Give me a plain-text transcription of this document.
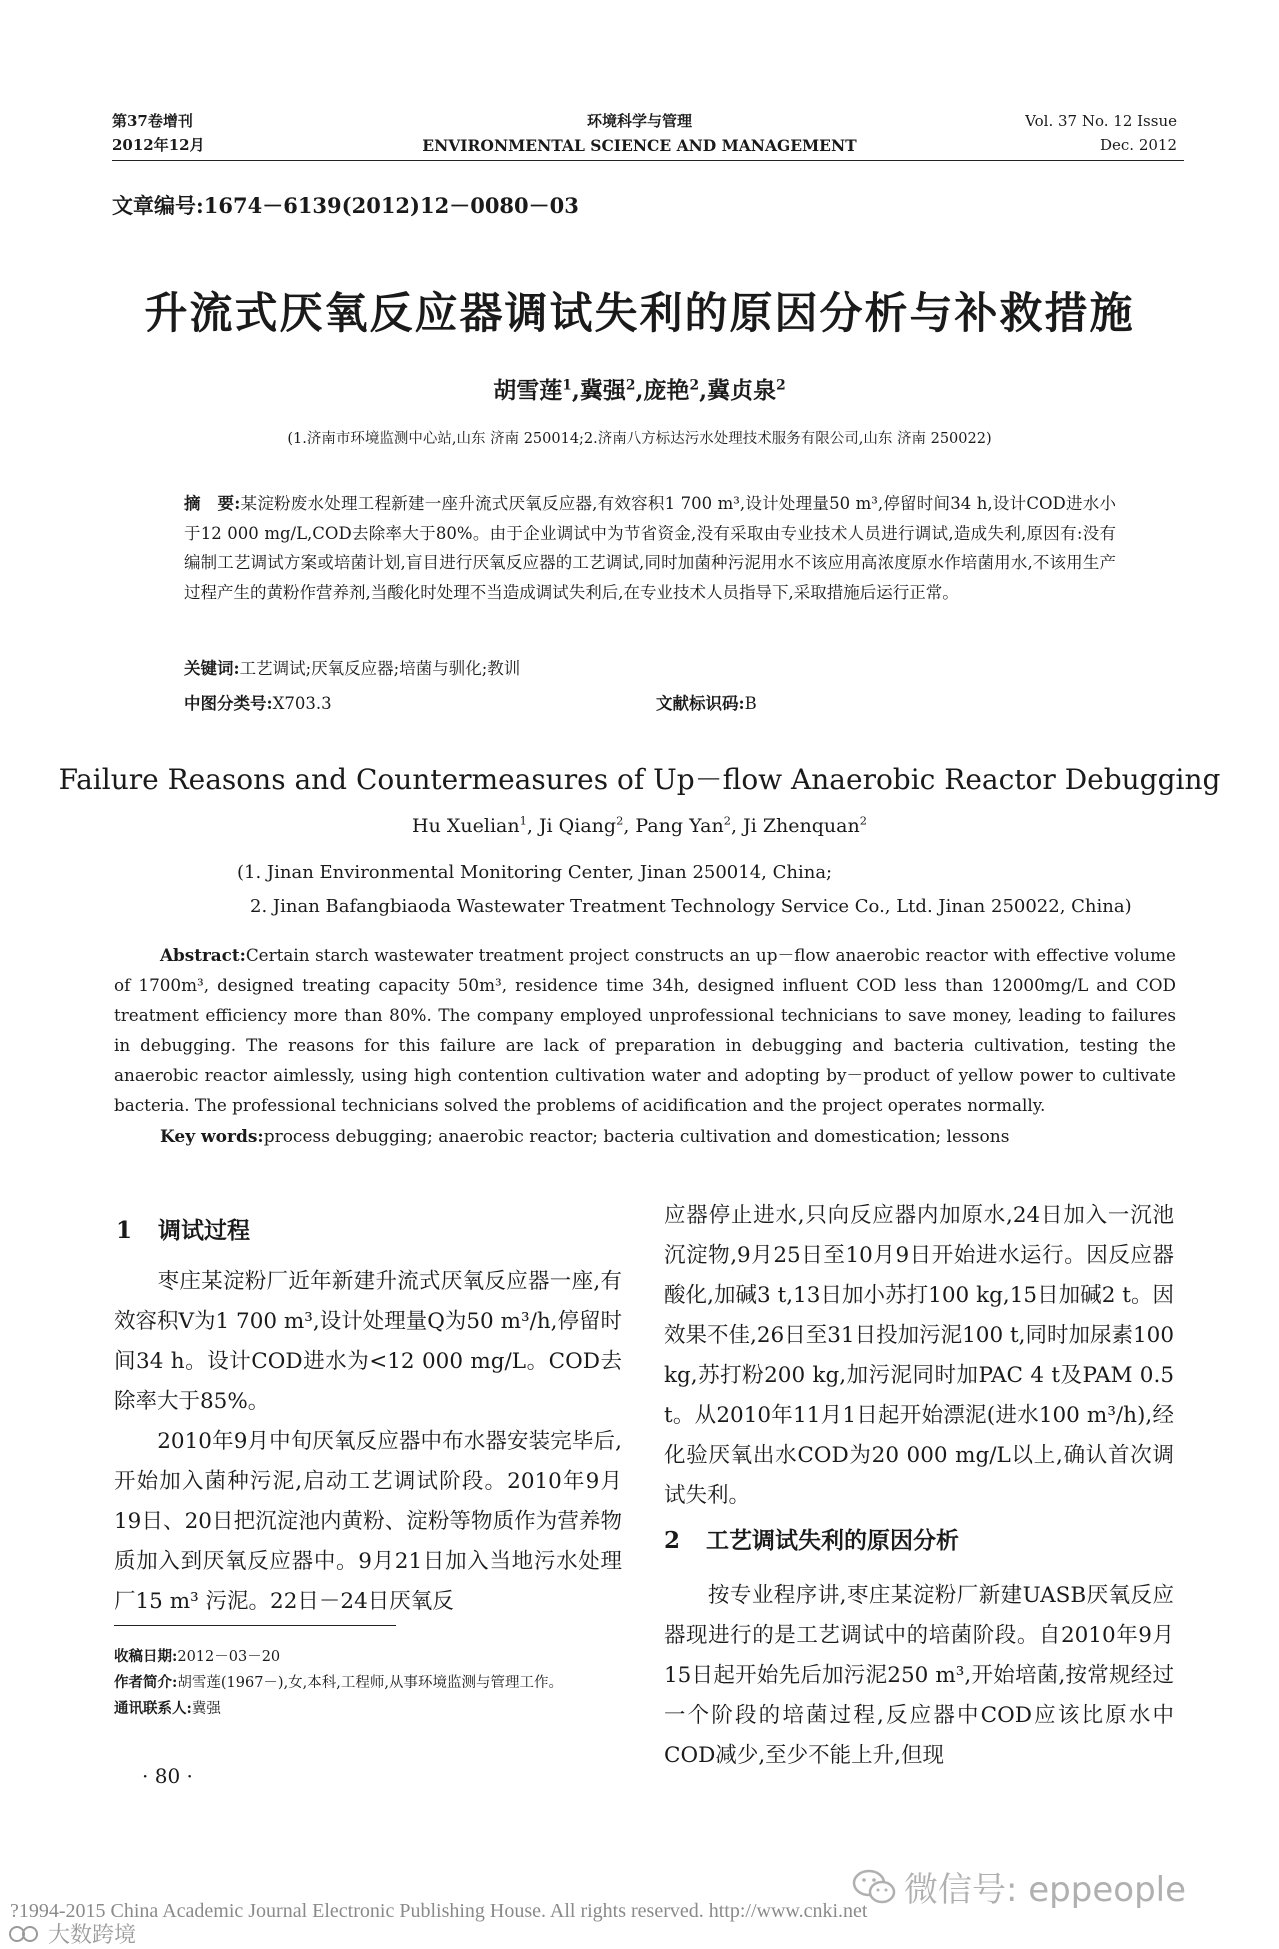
第37卷增刊
2012年12月
环境科学与管理
ENVIRONMENTAL SCIENCE AND MANAGEMENT
Vol. 37 No. 12 Issue
Dec. 2012
文章编号:1674－6139(2012)12－0080－03
升流式厌氧反应器调试失利的原因分析与补救措施
胡雪莲$^1$,冀强$^2$,庞艳$^2$,冀贞泉$^2$
(1.济南市环境监测中心站,山东 济南 250014;2.济南八方标达污水处理技术服务有限公司,山东 济南 250022)
摘　要:某淀粉废水处理工程新建一座升流式厌氧反应器,有效容积1 700 m³,设计处理量50 m³,停留时间34 h,设计COD进水小于12 000 mg/L,COD去除率大于80%。由于企业调试中为节省资金,没有采取由专业技术人员进行调试,造成失利,原因有:没有编制工艺调试方案或培菌计划,盲目进行厌氧反应器的工艺调试,同时加菌种污泥用水不该应用高浓度原水作培菌用水,不该用生产过程产生的黄粉作营养剂,当酸化时处理不当造成调试失利后,在专业技术人员指导下,采取措施后运行正常。
关键词:工艺调试;厌氧反应器;培菌与驯化;教训
中图分类号:X703.3	文献标识码:B
Failure Reasons and Countermeasures of Up－flow Anaerobic Reactor Debugging
Hu Xuelian$^1$, Ji Qiang$^2$, Pang Yan$^2$, Ji Zhenquan$^2$
(1. Jinan Environmental Monitoring Center, Jinan 250014, China;
2. Jinan Bafangbiaoda Wastewater Treatment Technology Service Co., Ltd. Jinan 250022, China)
Abstract:Certain starch wastewater treatment project constructs an up－flow anaerobic reactor with effective volume of 1700m³, designed treating capacity 50m³, residence time 34h, designed influent COD less than 12000mg/L and COD treatment efficiency more than 80%. The company employed unprofessional technicians to save money, leading to failures in debugging. The reasons for this failure are lack of preparation in debugging and bacteria cultivation, testing the anaerobic reactor aimlessly, using high contention cultivation water and adopting by－product of yellow power to cultivate bacteria. The professional technicians solved the problems of acidification and the project operates normally.
Key words:process debugging; anaerobic reactor; bacteria cultivation and domestication; lessons
1 调试过程
　　枣庄某淀粉厂近年新建升流式厌氧反应器一座,有效容积V为1 700 m³,设计处理量Q为50 m³/h,停留时间34 h。设计COD进水为<12 000 mg/L。COD去除率大于85%。
　　2010年9月中旬厌氧反应器中布水器安装完毕后,开始加入菌种污泥,启动工艺调试阶段。2010年9月19日、20日把沉淀池内黄粉、淀粉等物质作为营养物质加入到厌氧反应器中。9月21日加入当地污水处理厂15 m³ 污泥。22日－24日厌氧反
收稿日期:2012－03－20
作者简介:胡雪莲(1967－),女,本科,工程师,从事环境监测与管理工作。
通讯联系人:冀强
· 80 ·
应器停止进水,只向反应器内加原水,24日加入一沉池沉淀物,9月25日至10月9日开始进水运行。因反应器酸化,加碱3 t,13日加小苏打100 kg,15日加碱2 t。因效果不佳,26日至31日投加污泥100 t,同时加尿素100 kg,苏打粉200 kg,加污泥同时加PAC 4 t及PAM 0.5 t。从2010年11月1日起开始漂泥(进水100 m³/h),经化验厌氧出水COD为20 000 mg/L以上,确认首次调试失利。
2 工艺调试失利的原因分析
　　按专业程序讲,枣庄某淀粉厂新建UASB厌氧反应器现进行的是工艺调试中的培菌阶段。自2010年9月15日起开始先后加污泥250 m³,开始培菌,按常规经过一个阶段的培菌过程,反应器中COD应该比原水中COD减少,至少不能上升,但现
?1994-2015 China Academic Journal Electronic Publishing House. All rights reserved. http://www.cnki.net
微信号: eppeople
大数跨境
